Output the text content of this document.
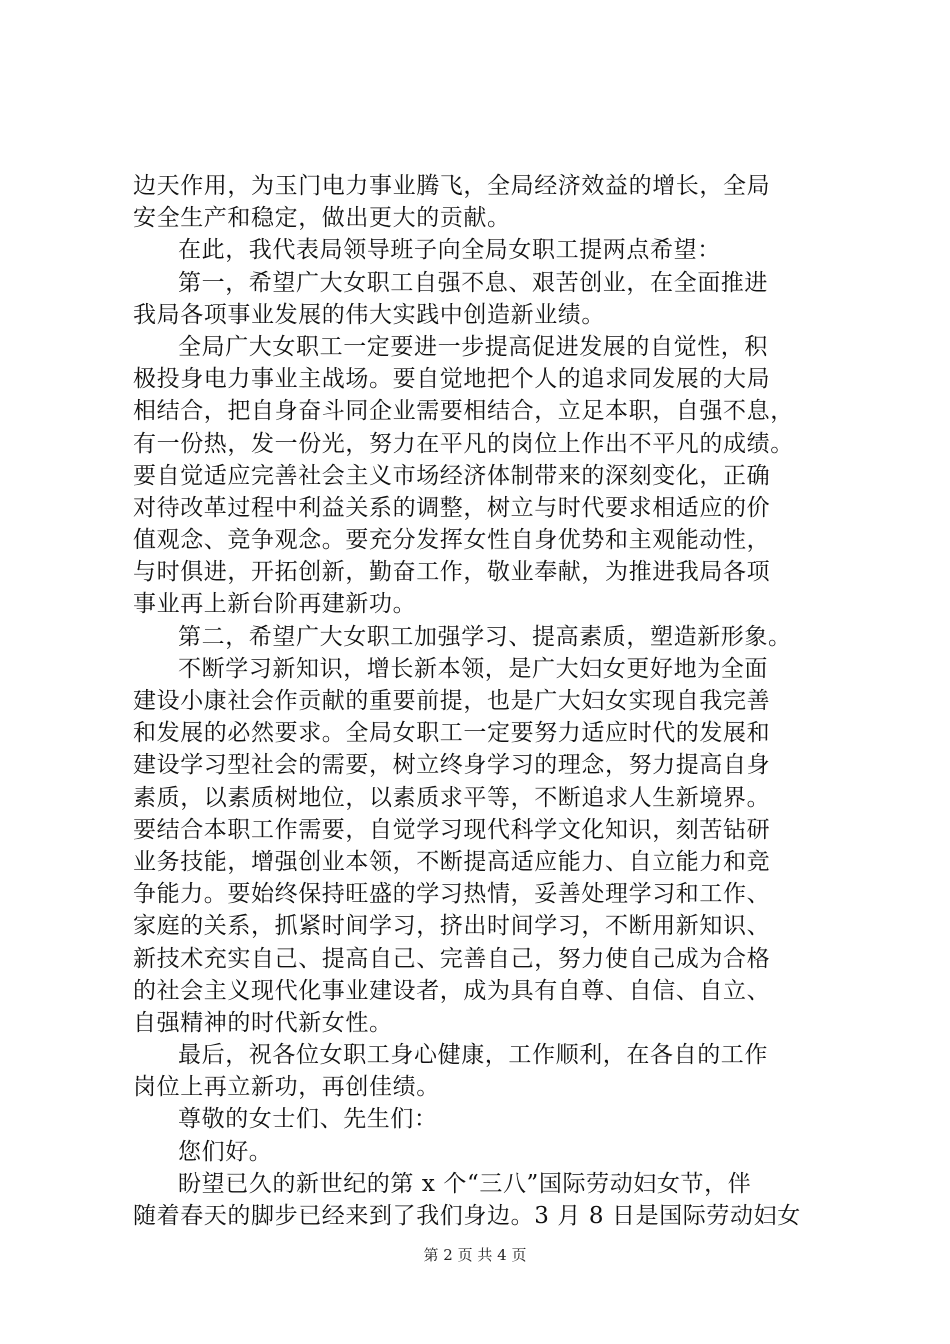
边天作用，为玉门电力事业腾飞，全局经济效益的增长，全局
安全生产和稳定，做出更大的贡献。
在此，我代表局领导班子向全局女职工提两点希望：
第一，希望广大女职工自强不息、艰苦创业，在全面推进
我局各项事业发展的伟大实践中创造新业绩。
全局广大女职工一定要进一步提高促进发展的自觉性，积
极投身电力事业主战场。要自觉地把个人的追求同发展的大局
相结合，把自身奋斗同企业需要相结合，立足本职，自强不息，
有一份热，发一份光，努力在平凡的岗位上作出不平凡的成绩。
要自觉适应完善社会主义市场经济体制带来的深刻变化，正确
对待改革过程中利益关系的调整，树立与时代要求相适应的价
值观念、竞争观念。要充分发挥女性自身优势和主观能动性，
与时俱进，开拓创新，勤奋工作，敬业奉献，为推进我局各项
事业再上新台阶再建新功。
第二，希望广大女职工加强学习、提高素质，塑造新形象。
不断学习新知识，增长新本领，是广大妇女更好地为全面
建设小康社会作贡献的重要前提，也是广大妇女实现自我完善
和发展的必然要求。全局女职工一定要努力适应时代的发展和
建设学习型社会的需要，树立终身学习的理念，努力提高自身
素质，以素质树地位，以素质求平等，不断追求人生新境界。
要结合本职工作需要，自觉学习现代科学文化知识，刻苦钻研
业务技能，增强创业本领，不断提高适应能力、自立能力和竞
争能力。要始终保持旺盛的学习热情，妥善处理学习和工作、
家庭的关系，抓紧时间学习，挤出时间学习，不断用新知识、
新技术充实自己、提高自己、完善自己，努力使自己成为合格
的社会主义现代化事业建设者，成为具有自尊、自信、自立、
自强精神的时代新女性。
最后，祝各位女职工身心健康，工作顺利，在各自的工作
岗位上再立新功，再创佳绩。
尊敬的女士们、先生们：
您们好。
盼望已久的新世纪的第 x 个“三八”国际劳动妇女节，伴
随着春天的脚步已经来到了我们身边。3 月 8 日是国际劳动妇女
第 2 页 共 4 页
